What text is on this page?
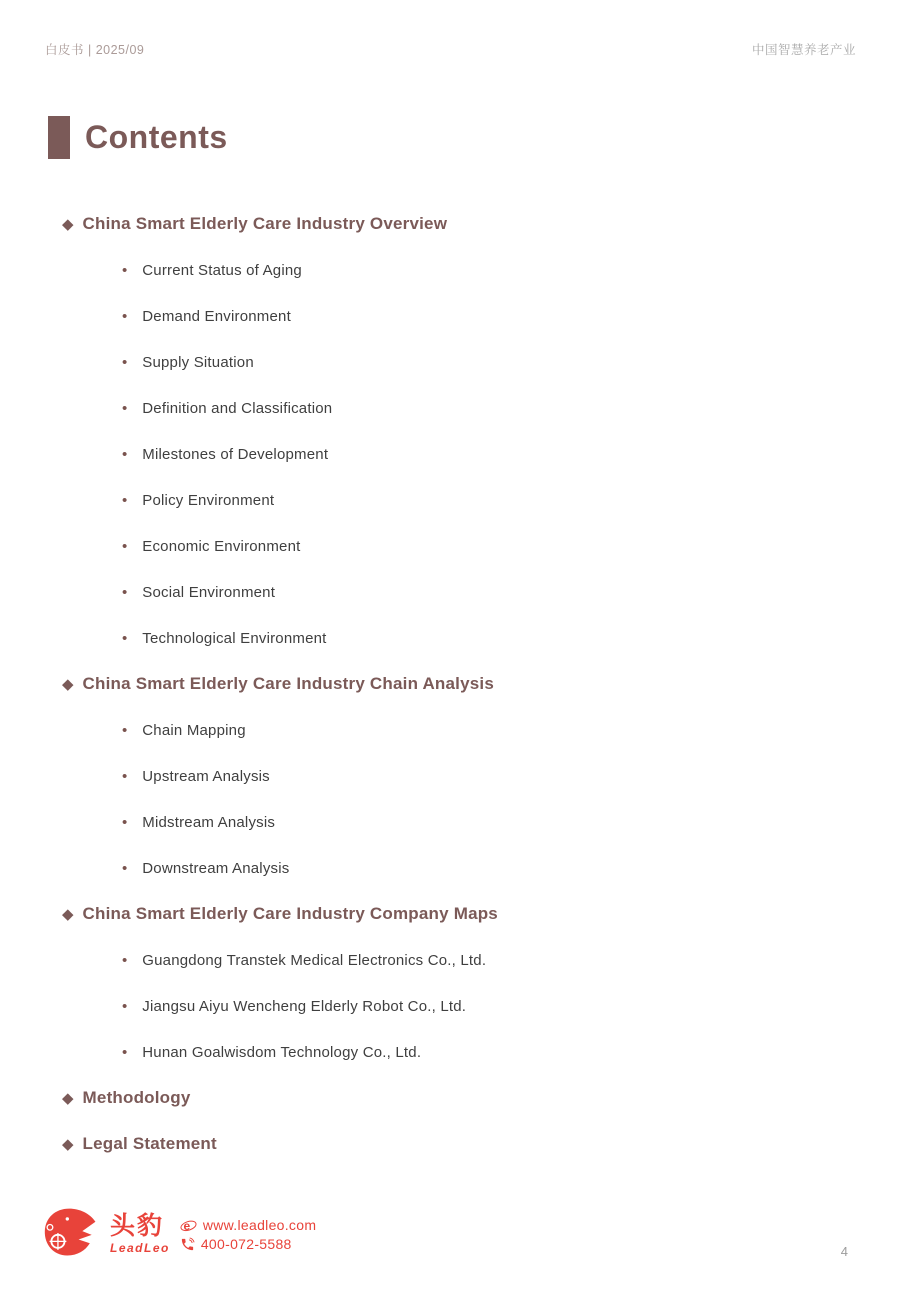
白皮书 | 2025/09	中国智慧养老产业
Contents
◆ China Smart Elderly Care Industry Overview
• Current Status of Aging
• Demand Environment
• Supply Situation
• Definition and Classification
• Milestones of Development
• Policy Environment
• Economic Environment
• Social Environment
• Technological Environment
◆ China Smart Elderly Care Industry Chain Analysis
• Chain Mapping
• Upstream Analysis
• Midstream Analysis
• Downstream Analysis
◆ China Smart Elderly Care Industry Company Maps
• Guangdong Transtek Medical Electronics Co., Ltd.
• Jiangsu Aiyu Wencheng Elderly Robot Co., Ltd.
• Hunan Goalwisdom Technology Co., Ltd.
◆ Methodology
◆ Legal Statement
头豹
LeadLeo
e www.leadleo.com
400-072-5588	4
